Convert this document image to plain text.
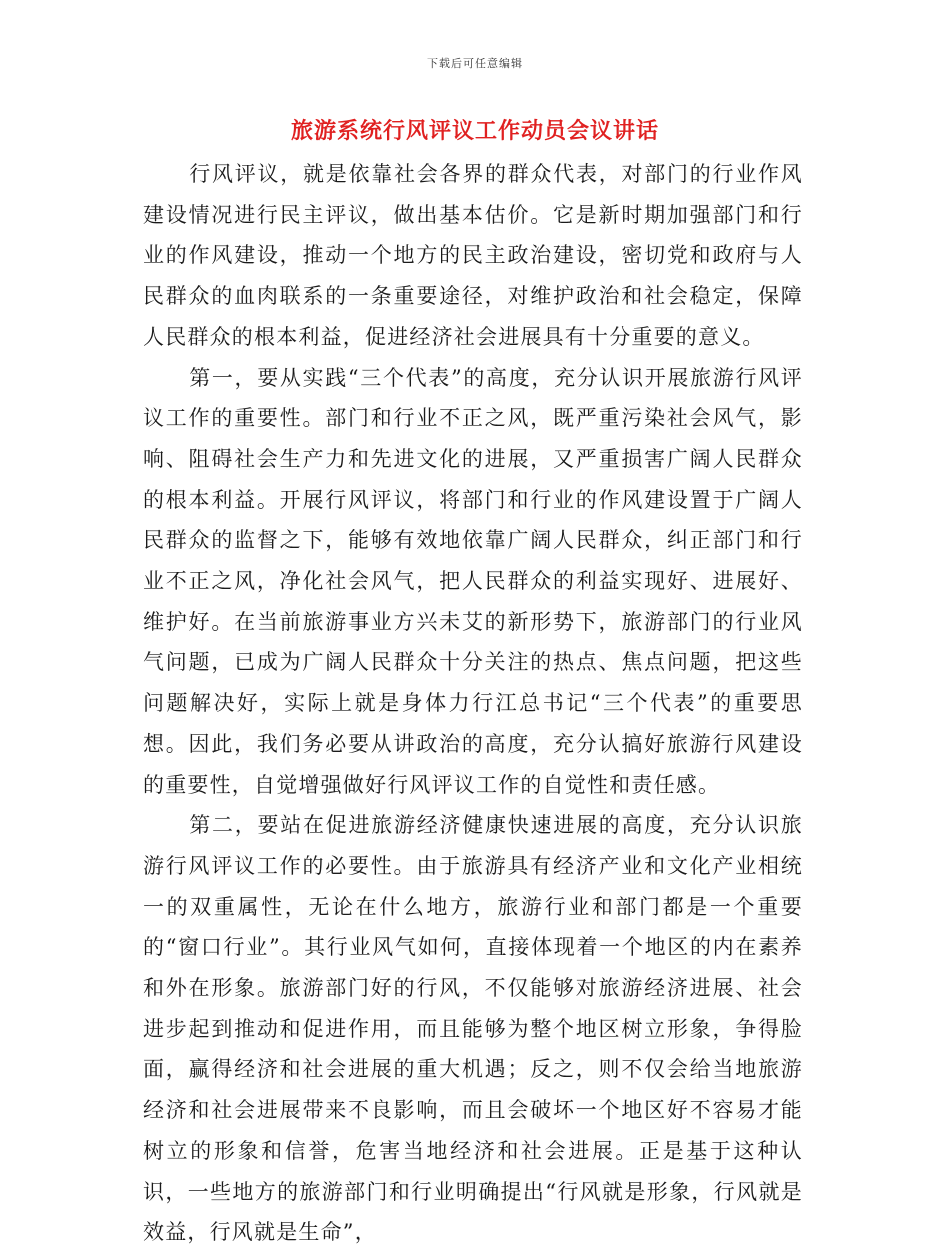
下载后可任意编辑
旅游系统行风评议工作动员会议讲话

行风评议，就是依靠社会各界的群众代表，对部门的行业作风建设情况进行民主评议，做出基本估价。它是新时期加强部门和行业的作风建设，推动一个地方的民主政治建设，密切党和政府与人民群众的血肉联系的一条重要途径，对维护政治和社会稳定，保障人民群众的根本利益，促进经济社会进展具有十分重要的意义。

第一，要从实践“三个代表”的高度，充分认识开展旅游行风评议工作的重要性。部门和行业不正之风，既严重污染社会风气，影响、阻碍社会生产力和先进文化的进展，又严重损害广阔人民群众的根本利益。开展行风评议，将部门和行业的作风建设置于广阔人民群众的监督之下，能够有效地依靠广阔人民群众，纠正部门和行业不正之风，净化社会风气，把人民群众的利益实现好、进展好、维护好。在当前旅游事业方兴未艾的新形势下，旅游部门的行业风气问题，已成为广阔人民群众十分关注的热点、焦点问题，把这些问题解决好，实际上就是身体力行江总书记“三个代表”的重要思想。因此，我们务必要从讲政治的高度，充分认搞好旅游行风建设的重要性，自觉增强做好行风评议工作的自觉性和责任感。

第二，要站在促进旅游经济健康快速进展的高度，充分认识旅游行风评议工作的必要性。由于旅游具有经济产业和文化产业相统一的双重属性，无论在什么地方，旅游行业和部门都是一个重要的“窗口行业”。其行业风气如何，直接体现着一个地区的内在素养和外在形象。旅游部门好的行风，不仅能够对旅游经济进展、社会进步起到推动和促进作用，而且能够为整个地区树立形象，争得脸面，赢得经济和社会进展的重大机遇；反之，则不仅会给当地旅游经济和社会进展带来不良影响，而且会破坏一个地区好不容易才能树立的形象和信誉，危害当地经济和社会进展。正是基于这种认识，一些地方的旅游部门和行业明确提出“行风就是形象，行风就是效益，行风就是生命”，
